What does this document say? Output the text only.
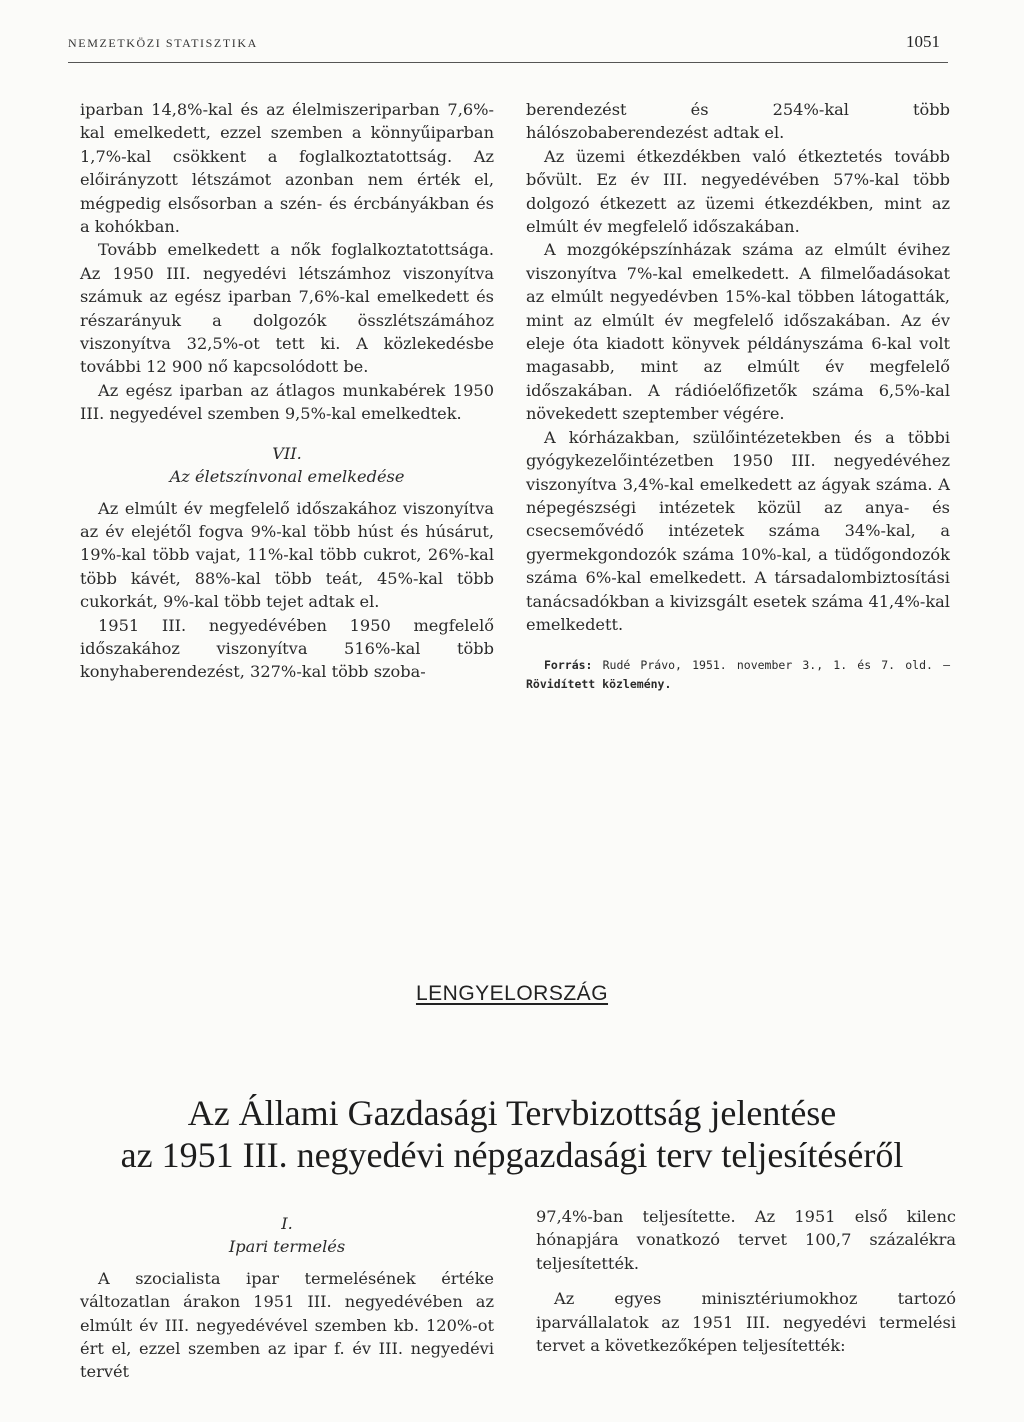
NEMZETKÖZI STATISZTIKA	1051

iparban 14,8%-kal és az élelmiszeriparban 7,6%-kal emelkedett, ezzel szemben a könnyűiparban 1,7%-kal csökkent a foglalkoztatottság. Az előirányzott létszámot azonban nem érték el, mégpedig elsősorban a szén- és ércbányákban és a kohókban.

Tovább emelkedett a nők foglalkoztatottsága. Az 1950 III. negyedévi létszámhoz viszonyítva számuk az egész iparban 7,6%-kal emelkedett és részarányuk a dolgozók összlétszámához viszonyítva 32,5%-ot tett ki. A közlekedésbe további 12 900 nő kapcsolódott be.

Az egész iparban az átlagos munkabérek 1950 III. negyedével szemben 9,5%-kal emelkedtek.

VII.

Az életszínvonal emelkedése

Az elmúlt év megfelelő időszakához viszonyítva az év elejétől fogva 9%-kal több húst és húsárut, 19%-kal több vajat, 11%-kal több cukrot, 26%-kal több kávét, 88%-kal több teát, 45%-kal több cukorkát, 9%-kal több tejet adtak el.

1951 III. negyedévében 1950 megfelelő időszakához viszonyítva 516%-kal több konyhaberendezést, 327%-kal több szoba-

berendezést és 254%-kal több hálószobaberendezést adtak el.

Az üzemi étkezdékben való étkeztetés tovább bővült. Ez év III. negyedévében 57%-kal több dolgozó étkezett az üzemi étkezdékben, mint az elmúlt év megfelelő időszakában.

A mozgóképszínházak száma az elmúlt évihez viszonyítva 7%-kal emelkedett. A filmelőadásokat az elmúlt negyedévben 15%-kal többen látogatták, mint az elmúlt év megfelelő időszakában. Az év eleje óta kiadott könyvek példányszáma 6-kal volt magasabb, mint az elmúlt év megfelelő időszakában. A rádióelőfizetők száma 6,5%-kal növekedett szeptember végére.

A kórházakban, szülőintézetekben és a többi gyógykezelőintézetben 1950 III. negyedévéhez viszonyítva 3,4%-kal emelkedett az ágyak száma. A népegészségi intézetek közül az anya- és csecsemővédő intézetek száma 34%-kal, a gyermekgondozók száma 10%-kal, a tüdőgondozók száma 6%-kal emelkedett. A társadalombiztosítási tanácsadókban a kivizsgált esetek száma 41,4%-kal emelkedett.

Forrás: Rudé Právo, 1951. november 3., 1. és 7. old. — Rövidített közlemény.

LENGYELORSZÁG
Az Állami Gazdasági Tervbizottság jelentése
az 1951 III. negyedévi népgazdasági terv teljesítéséről

I.

Ipari termelés

A szocialista ipar termelésének értéke változatlan árakon 1951 III. negyedévében az elmúlt év III. negyedévével szemben kb. 120%-ot ért el, ezzel szemben az ipar f. év III. negyedévi tervét

97,4%-ban teljesítette. Az 1951 első kilenc hónapjára vonatkozó tervet 100,7 százalékra teljesítették.

Az egyes minisztériumokhoz tartozó iparvállalatok az 1951 III. negyedévi termelési tervet a következőképen teljesítették:
